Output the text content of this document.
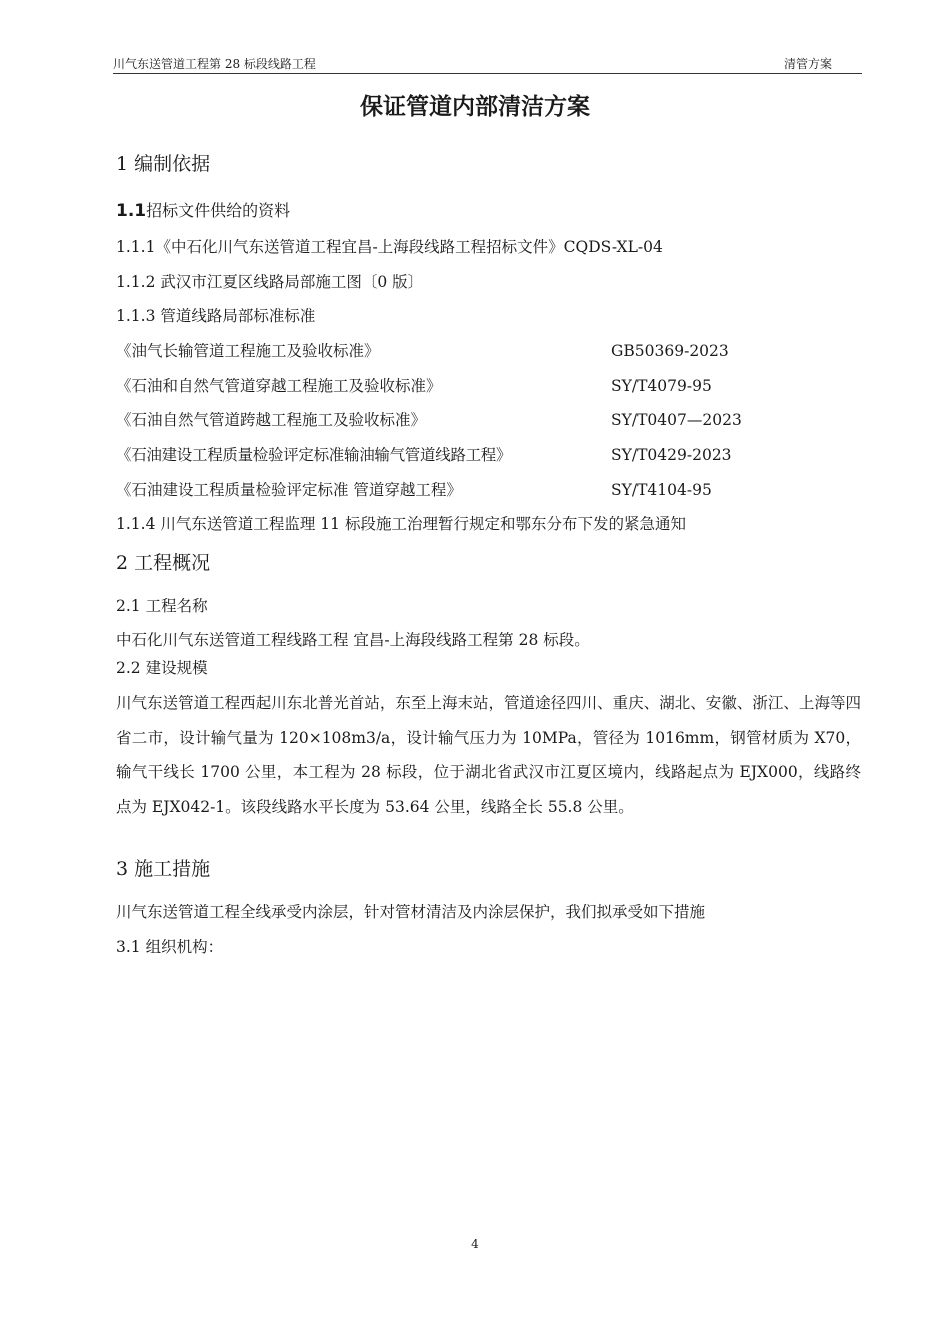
川气东送管道工程第 28 标段线路工程	清管方案
保证管道内部清洁方案
1 编制依据
1.1招标文件供给的资料
1.1.1《中石化川气东送管道工程宜昌-上海段线路工程招标文件》CQDS-XL-04
1.1.2 武汉市江夏区线路局部施工图〔0 版〕
1.1.3 管道线路局部标准标准
《油气长输管道工程施工及验收标准》	GB50369-2023
《石油和自然气管道穿越工程施工及验收标准》	SY/T4079-95
《石油自然气管道跨越工程施工及验收标准》	SY/T0407—2023
《石油建设工程质量检验评定标准输油输气管道线路工程》	SY/T0429-2023
《石油建设工程质量检验评定标准 管道穿越工程》	SY/T4104-95
1.1.4 川气东送管道工程监理 11 标段施工治理暂行规定和鄂东分布下发的紧急通知
2 工程概况
2.1 工程名称
中石化川气东送管道工程线路工程 宜昌-上海段线路工程第 28 标段。
2.2 建设规模
川气东送管道工程西起川东北普光首站，东至上海末站，管道途径四川、重庆、湖北、安徽、浙江、上海等四省二市，设计输气量为 120×108m3/a，设计输气压力为 10MPa，管径为 1016mm，钢管材质为 X70，输气干线长 1700 公里，本工程为 28 标段，位于湖北省武汉市江夏区境内，线路起点为 EJX000，线路终点为 EJX042-1。该段线路水平长度为 53.64 公里，线路全长 55.8 公里。
3 施工措施
川气东送管道工程全线承受内涂层，针对管材清洁及内涂层保护，我们拟承受如下措施
3.1 组织机构：
4
